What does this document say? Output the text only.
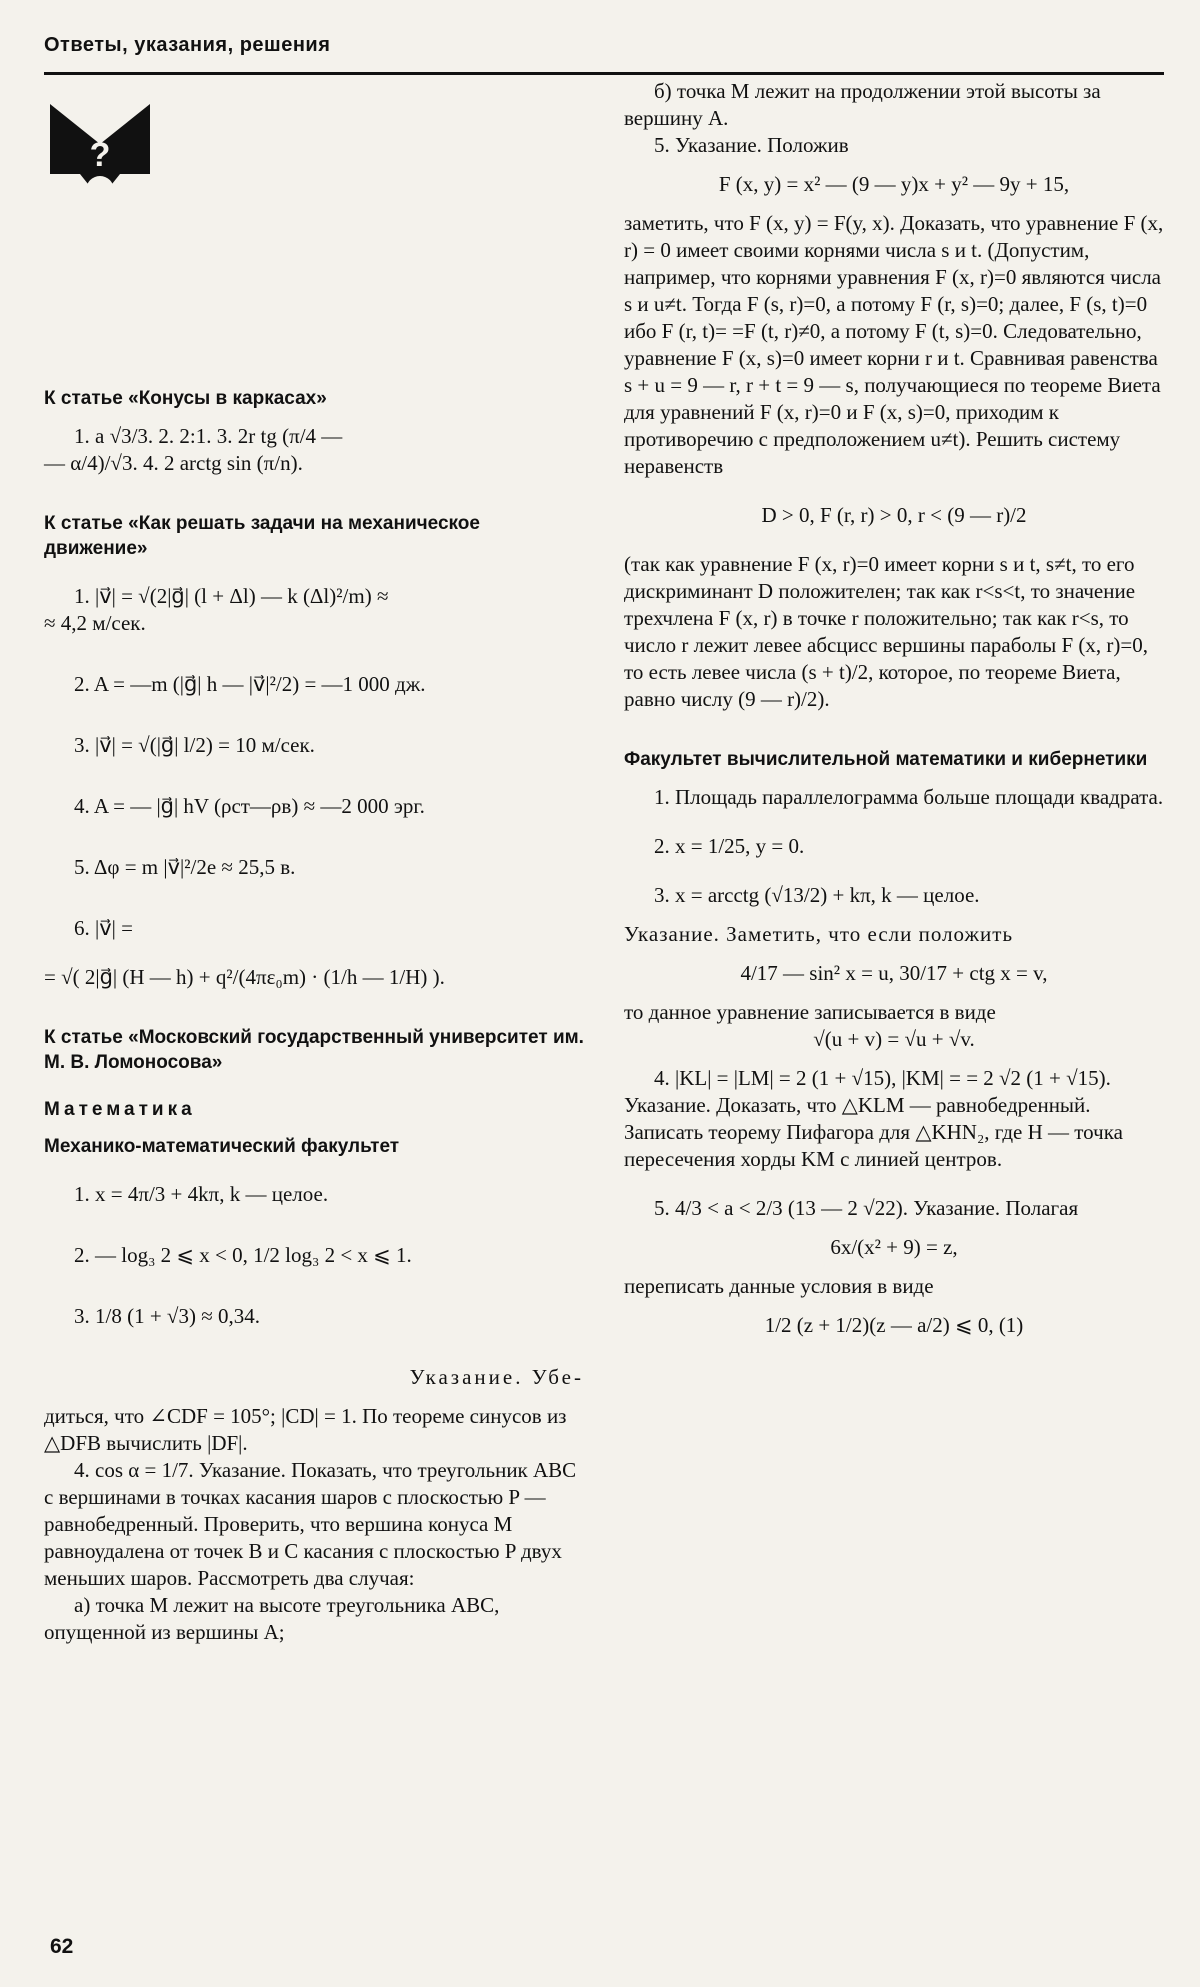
Ответы, указания, решения
?

К статье «Конусы в каркасах»

1. a √3/3. 2. 2:1. 3. 2r tg (π/4 —

— α/4)/√3. 4. 2 arctg sin (π/n).

К статье «Как решать задачи на механическое движение»

1. |v⃗| = √(2|g⃗| (l + Δl) — k (Δl)²/m) ≈

≈ 4,2 м/сек.

2. A = —m (|g⃗| h — |v⃗|²/2) = —1 000 дж.

3. |v⃗| = √(|g⃗| l/2) = 10 м/сек.

4. A = — |g⃗| hV (ρст—ρв) ≈ —2 000 эрг.

5. Δφ = m |v⃗|²/2e ≈ 25,5 в.

6. |v⃗| =

= √( 2|g⃗| (H — h) + q²/(4πε₀m) · (1/h — 1/H) ).

К статье «Московский государственный университет им. М. В. Ломоносова»

Математика

Механико-математический факультет

1. x = 4π/3 + 4kπ, k — целое.

2. — log₃ 2 ⩽ x < 0, 1/2 log₃ 2 < x ⩽ 1.

3. 1/8 (1 + √3) ≈ 0,34.

Указание. Убе-

диться, что ∠CDF = 105°; |CD| = 1. По теореме синусов из △DFB вычислить |DF|.

4. cos α = 1/7. Указание. Показать, что треугольник ABC с вершинами в точках касания шаров с плоскостью P — равнобедренный. Проверить, что вершина конуса M равноудалена от точек B и C касания с плоскостью P двух меньших шаров. Рассмотреть два случая:

а) точка M лежит на высоте треугольника ABC, опущенной из вершины A;

б) точка M лежит на продолжении этой высоты за вершину A.

5. Указание. Положив

F (x, y) = x² — (9 — y)x + y² — 9y + 15,

заметить, что F (x, y) = F(y, x). Доказать, что уравнение F (x, r) = 0 имеет своими корнями числа s и t. (Допустим, например, что корнями уравнения F (x, r)=0 являются числа s и u≠t. Тогда F (s, r)=0, а потому F (r, s)=0; далее, F (s, t)=0 ибо F (r, t)= =F (t, r)≠0, а потому F (t, s)=0. Следовательно, уравнение F (x, s)=0 имеет корни r и t. Сравнивая равенства s + u = 9 — r, r + t = 9 — s, получающиеся по теореме Виета для уравнений F (x, r)=0 и F (x, s)=0, приходим к противоречию с предположением u≠t). Решить систему неравенств

D > 0, F (r, r) > 0, r < (9 — r)/2

(так как уравнение F (x, r)=0 имеет корни s и t, s≠t, то его дискриминант D положителен; так как r<s<t, то значение трехчлена F (x, r) в точке r положительно; так как r<s, то число r лежит левее абсцисс вершины параболы F (x, r)=0, то есть левее числа (s + t)/2, которое, по теореме Виета, равно числу (9 — r)/2).

Факультет вычислительной математики и кибернетики

1. Площадь параллелограмма больше площади квадрата.

2. x = 1/25, y = 0.

3. x = arcctg (√13/2) + kπ, k — целое.

Указание. Заметить, что если положить

4/17 — sin² x = u, 30/17 + ctg x = v,

то данное уравнение записывается в виде

√(u + v) = √u + √v.

4. |KL| = |LM| = 2 (1 + √15), |KM| = = 2 √2 (1 + √15). Указание. Доказать, что △KLM — равнобедренный. Записать теорему Пифагора для △KHN₂, где H — точка пересечения хорды KM с линией центров.

5. 4/3 < a < 2/3 (13 — 2 √22). Указание. Полагая

6x/(x² + 9) = z,

переписать данные условия в виде

1/2 (z + 1/2)(z — a/2) ⩽ 0, (1)

62
